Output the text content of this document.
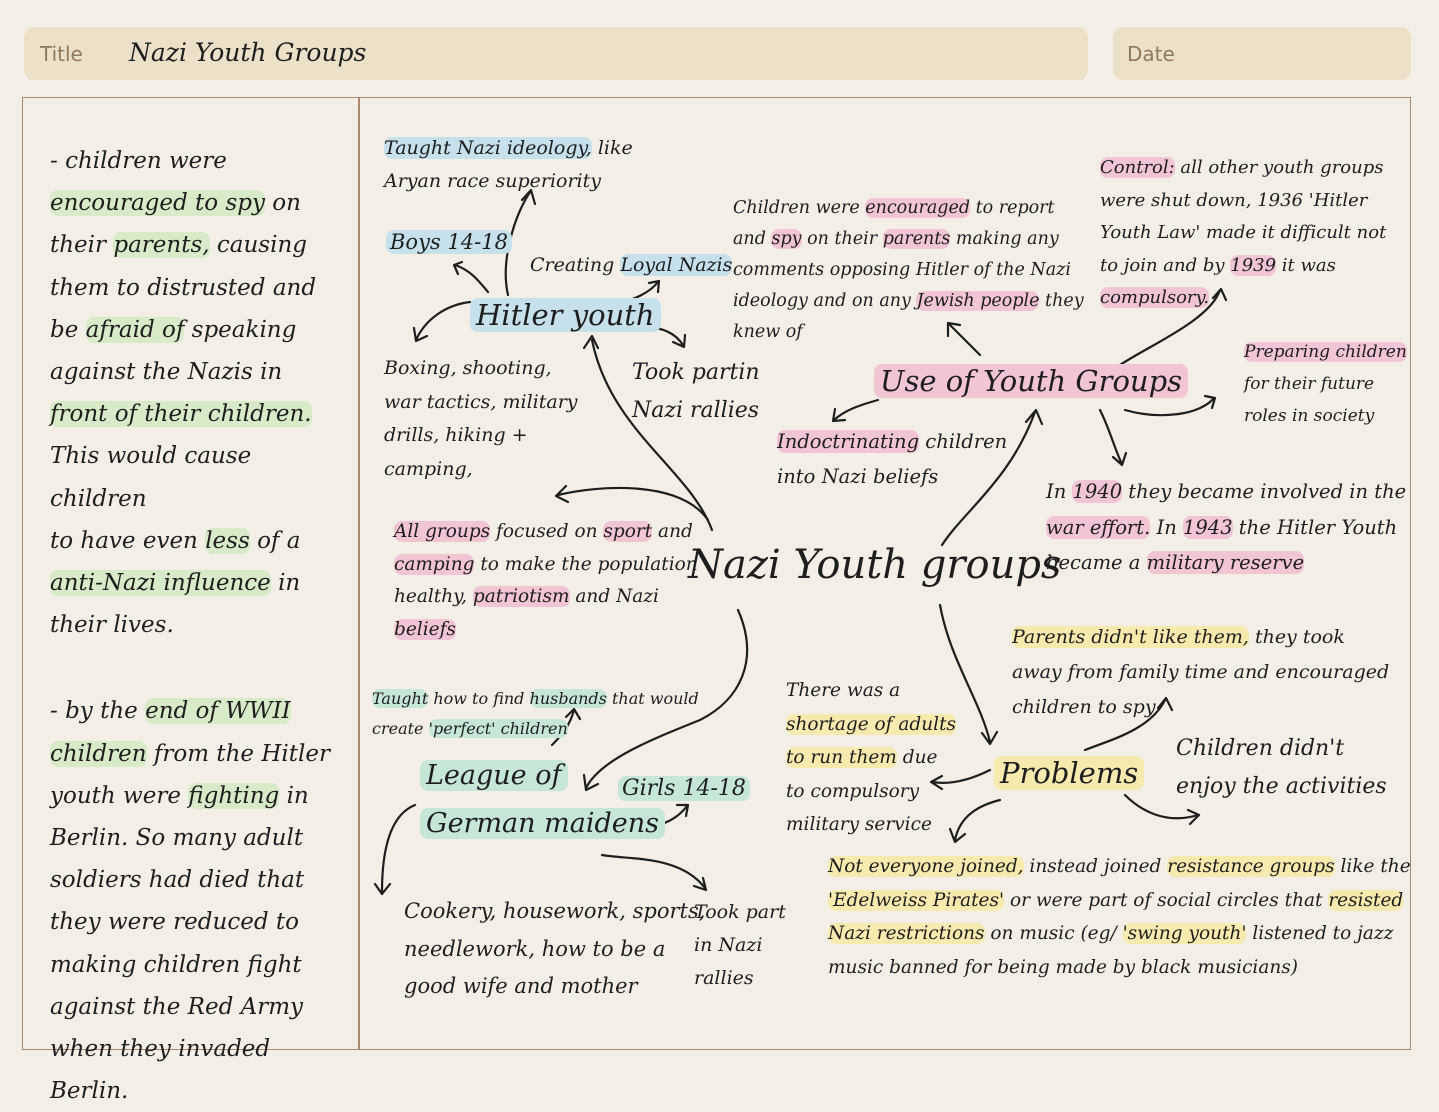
Title Nazi Youth Groups	Date
- children were
encouraged to spy on
their parents, causing
them to distrusted and
be afraid of speaking
against the Nazis in
front of their children.
This would cause children
to have even less of a
anti-Nazi influence in
their lives.
- by the end of WWII
children from the Hitler
youth were fighting in
Berlin. So many adult
soldiers had died that
they were reduced to
making children fight
against the Red Army
when they invaded Berlin.
Nazi Youth groups
Hitler youth
Taught Nazi ideology, like
Aryan race superiority
Boys 14-18
Creating Loyal Nazis
Boxing, shooting,
war tactics, military
drills, hiking +
camping,
Took partin
Nazi rallies
All groups focused on sport and
camping to make the population
healthy, patriotism and Nazi
beliefs
Taught how to find husbands that would
create 'perfect' children
League of
German maidens
Girls 14-18
Cookery, housework, sports,
needlework, how to be a
good wife and mother
Took part
in Nazi
rallies
Use of Youth Groups
Children were encouraged to report
and spy on their parents making any
comments opposing Hitler of the Nazi
ideology and on any Jewish people they
knew of
Control: all other youth groups
were shut down, 1936 'Hitler
Youth Law' made it difficult not
to join and by 1939 it was
compulsory.
Preparing children
for their future
roles in society
Indoctrinating children
into Nazi beliefs
In 1940 they became involved in the
war effort. In 1943 the Hitler Youth
became a military reserve
Problems
Parents didn't like them, they took
away from family time and encouraged
children to spy
Children didn't
enjoy the activities
There was a
shortage of adults
to run them due
to compulsory
military service
Not everyone joined, instead joined resistance groups like the
'Edelweiss Pirates' or were part of social circles that resisted
Nazi restrictions on music (eg/ 'swing youth' listened to jazz
music banned for being made by black musicians)
